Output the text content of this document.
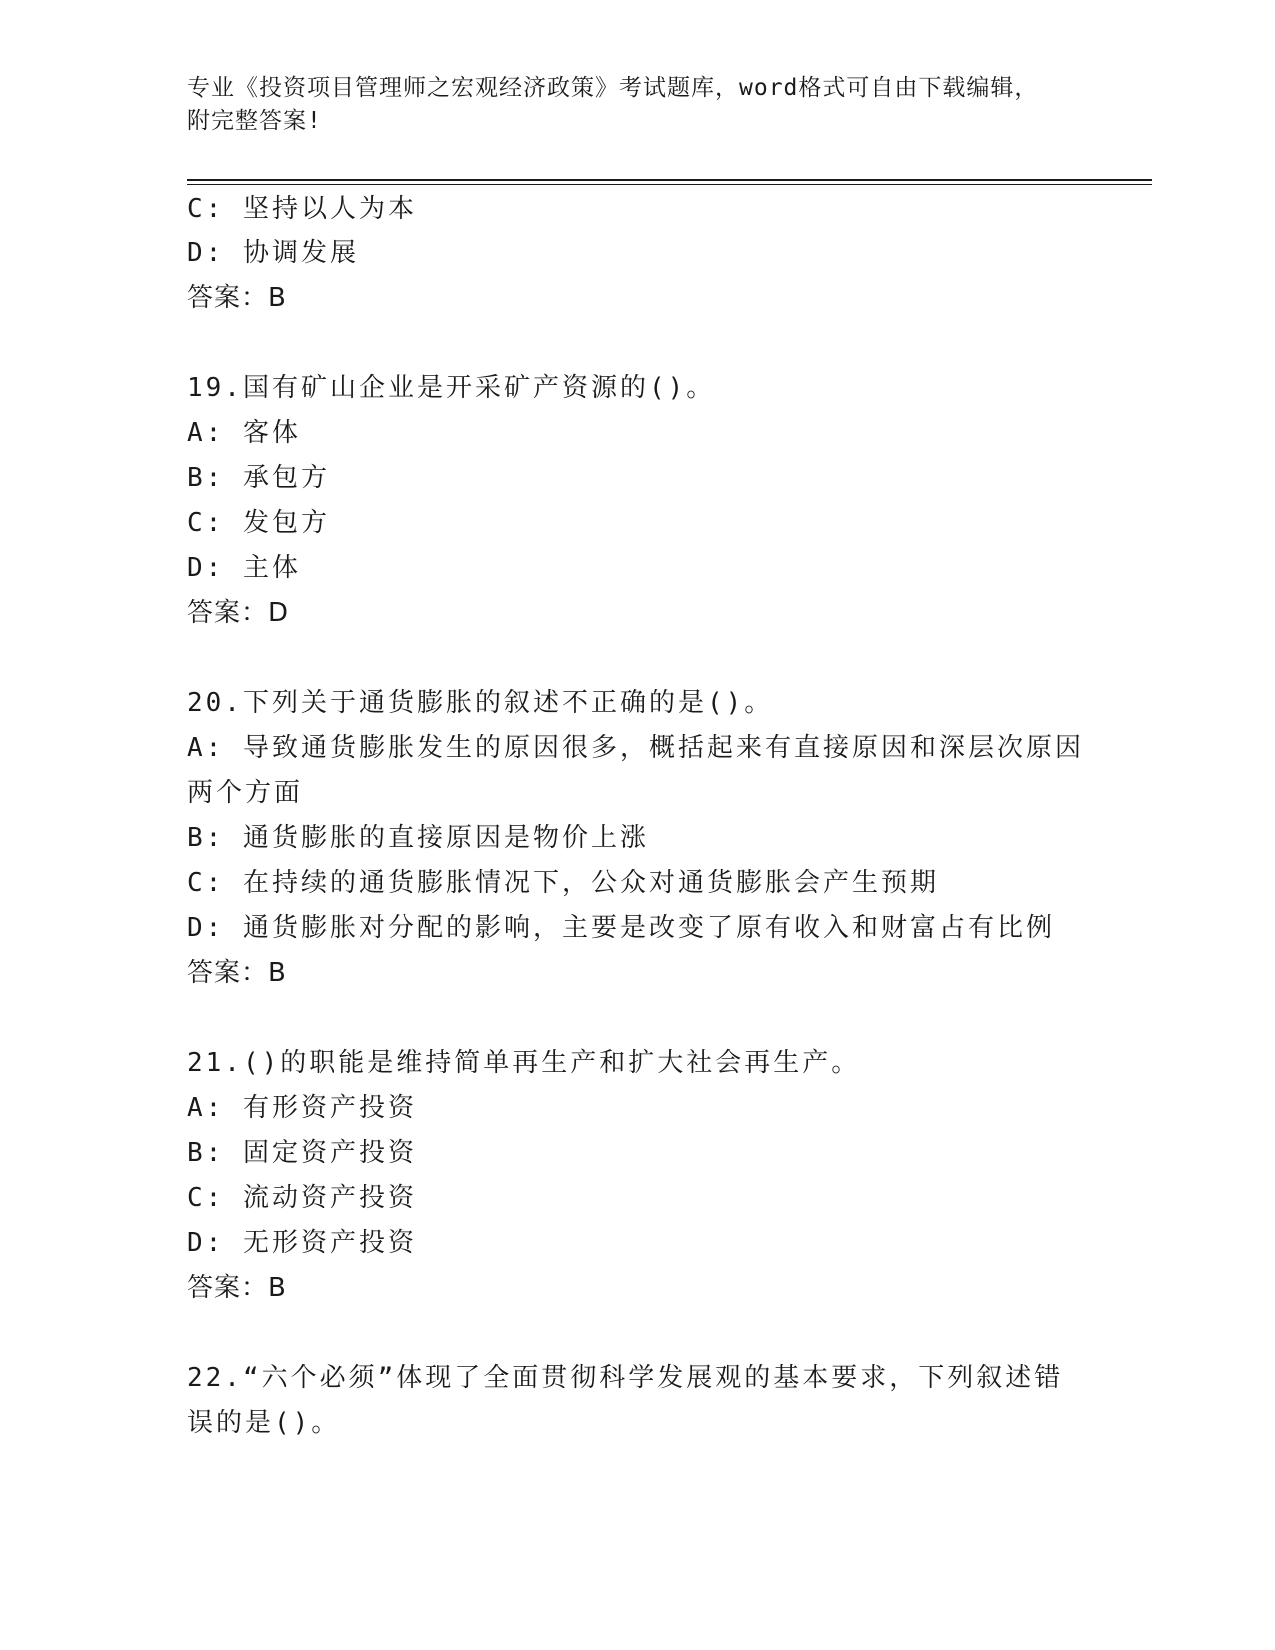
专业《投资项目管理师之宏观经济政策》考试题库，word格式可自由下载编辑，
附完整答案!
C: 坚持以人为本
D: 协调发展
答案：B
19.国有矿山企业是开采矿产资源的()。
A: 客体
B: 承包方
C: 发包方
D: 主体
答案：D
20.下列关于通货膨胀的叙述不正确的是()。
A: 导致通货膨胀发生的原因很多，概括起来有直接原因和深层次原因
两个方面
B: 通货膨胀的直接原因是物价上涨
C: 在持续的通货膨胀情况下，公众对通货膨胀会产生预期
D: 通货膨胀对分配的影响，主要是改变了原有收入和财富占有比例
答案：B
21.()的职能是维持简单再生产和扩大社会再生产。
A: 有形资产投资
B: 固定资产投资
C: 流动资产投资
D: 无形资产投资
答案：B
22.“六个必须”体现了全面贯彻科学发展观的基本要求，下列叙述错
误的是()。
